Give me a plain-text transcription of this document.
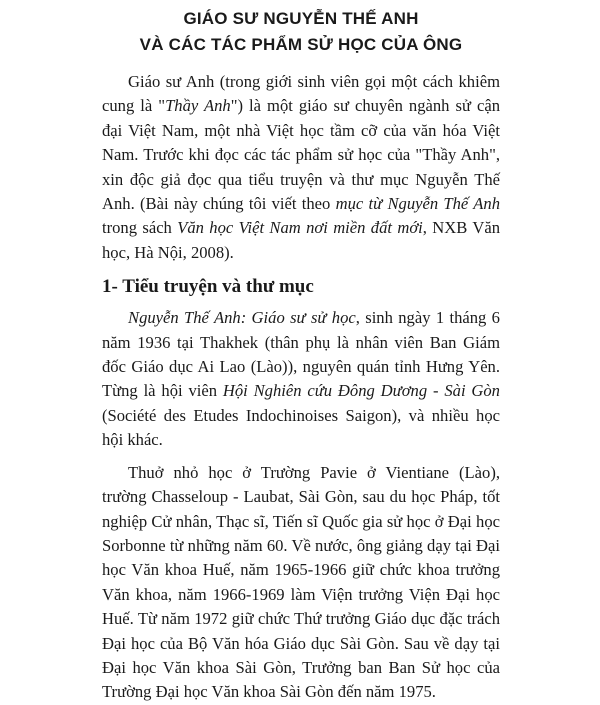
GIÁO SƯ NGUYỄN THẾ ANH
VÀ CÁC TÁC PHẨM SỬ HỌC CỦA ÔNG

Giáo sư Anh (trong giới sinh viên gọi một cách khiêm cung là "Thầy Anh") là một giáo sư chuyên ngành sử cận đại Việt Nam, một nhà Việt học tầm cỡ của văn hóa Việt Nam. Trước khi đọc các tác phẩm sử học của "Thầy Anh", xin độc giả đọc qua tiểu truyện và thư mục Nguyễn Thế Anh. (Bài này chúng tôi viết theo mục từ Nguyễn Thế Anh trong sách Văn học Việt Nam nơi miền đất mới, NXB Văn học, Hà Nội, 2008).

1- Tiểu truyện và thư mục

Nguyễn Thế Anh: Giáo sư sử học, sinh ngày 1 tháng 6 năm 1936 tại Thakhek (thân phụ là nhân viên Ban Giám đốc Giáo dục Ai Lao (Lào)), nguyên quán tỉnh Hưng Yên. Từng là hội viên Hội Nghiên cứu Đông Dương - Sài Gòn (Société des Etudes Indochinoises Saigon), và nhiều học hội khác.

Thuở nhỏ học ở Trường Pavie ở Vientiane (Lào), trường Chasseloup - Laubat, Sài Gòn, sau du học Pháp, tốt nghiệp Cử nhân, Thạc sĩ, Tiến sĩ Quốc gia sử học ở Đại học Sorbonne từ những năm 60. Về nước, ông giảng dạy tại Đại học Văn khoa Huế, năm 1965-1966 giữ chức khoa trưởng Văn khoa, năm 1966-1969 làm Viện trưởng Viện Đại học Huế. Từ năm 1972 giữ chức Thứ trưởng Giáo dục đặc trách Đại học của Bộ Văn hóa Giáo dục Sài Gòn. Sau về dạy tại Đại học Văn khoa Sài Gòn, Trưởng ban Ban Sử học của Trường Đại học Văn khoa Sài Gòn đến năm 1975.
